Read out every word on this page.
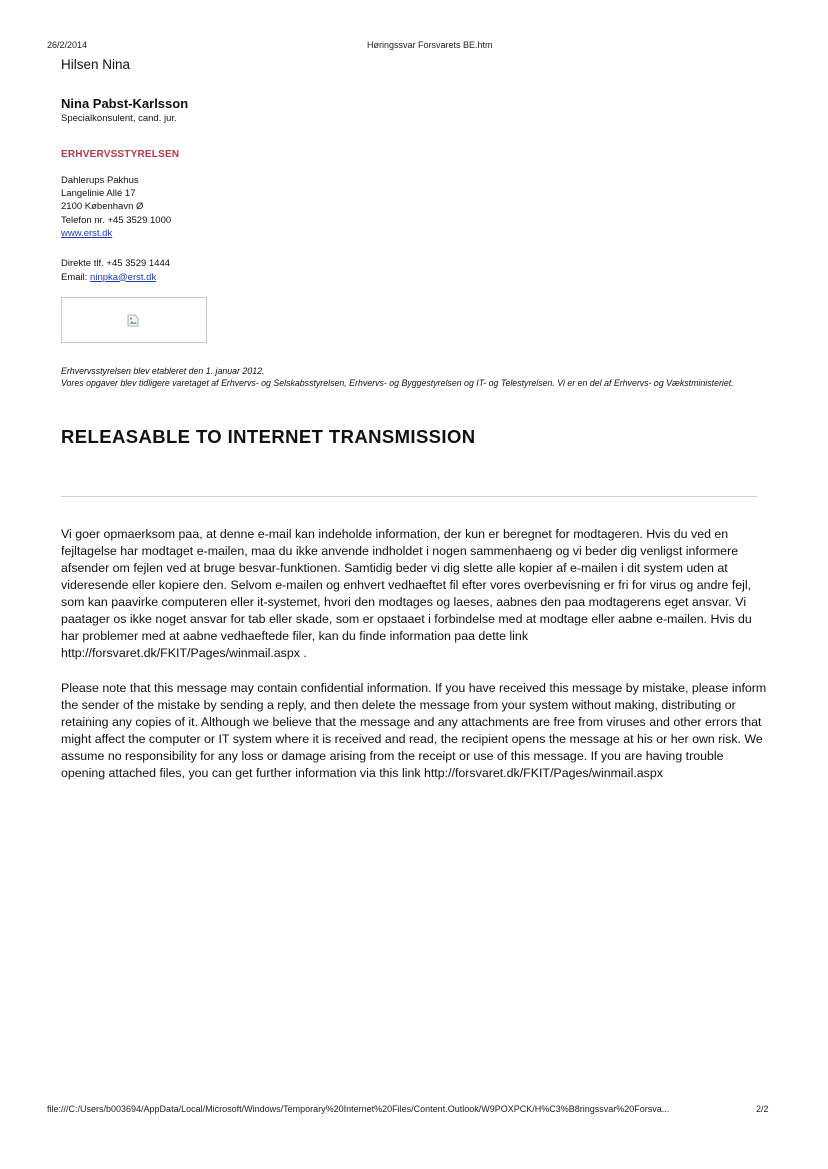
26/2/2014	Høringssvar Forsvarets BE.htm
Hilsen Nina
Nina Pabst-Karlsson
Specialkonsulent, cand. jur.
ERHVERVSSTYRELSEN
Dahlerups Pakhus
Langelinie Allé 17
2100 København Ø
Telefon nr. +45 3529 1000
www.erst.dk
Direkte tlf. +45 3529 1444
Email: ninpka@erst.dk
Erhvervsstyrelsen blev etableret den 1. januar 2012.
Vores opgaver blev tidligere varetaget af Erhvervs- og Selskabsstyrelsen, Erhvervs- og Byggestyrelsen og IT- og Telestyrelsen. Vi er en del af Erhvervs- og Vækstministeriet.
RELEASABLE TO INTERNET TRANSMISSION
Vi goer opmaerksom paa, at denne e-mail kan indeholde information, der kun er beregnet for modtageren. Hvis du ved en fejltagelse har modtaget e-mailen, maa du ikke anvende indholdet i nogen sammenhaeng og vi beder dig venligst informere afsender om fejlen ved at bruge besvar-funktionen. Samtidig beder vi dig slette alle kopier af e-mailen i dit system uden at videresende eller kopiere den. Selvom e-mailen og enhvert vedhaeftet fil efter vores overbevisning er fri for virus og andre fejl, som kan paavirke computeren eller it-systemet, hvori den modtages og laeses, aabnes den paa modtagerens eget ansvar. Vi paatager os ikke noget ansvar for tab eller skade, som er opstaaet i forbindelse med at modtage eller aabne e-mailen. Hvis du har problemer med at aabne vedhaeftede filer, kan du finde information paa dette link http://forsvaret.dk/FKIT/Pages/winmail.aspx .
Please note that this message may contain confidential information. If you have received this message by mistake, please inform the sender of the mistake by sending a reply, and then delete the message from your system without making, distributing or retaining any copies of it. Although we believe that the message and any attachments are free from viruses and other errors that might affect the computer or IT system where it is received and read, the recipient opens the message at his or her own risk. We assume no responsibility for any loss or damage arising from the receipt or use of this message. If you are having trouble opening attached files, you can get further information via this link http://forsvaret.dk/FKIT/Pages/winmail.aspx
file:///C:/Users/b003694/AppData/Local/Microsoft/Windows/Temporary%20Internet%20Files/Content.Outlook/W9POXPCK/H%C3%B8ringssvar%20Forsva...	2/2
